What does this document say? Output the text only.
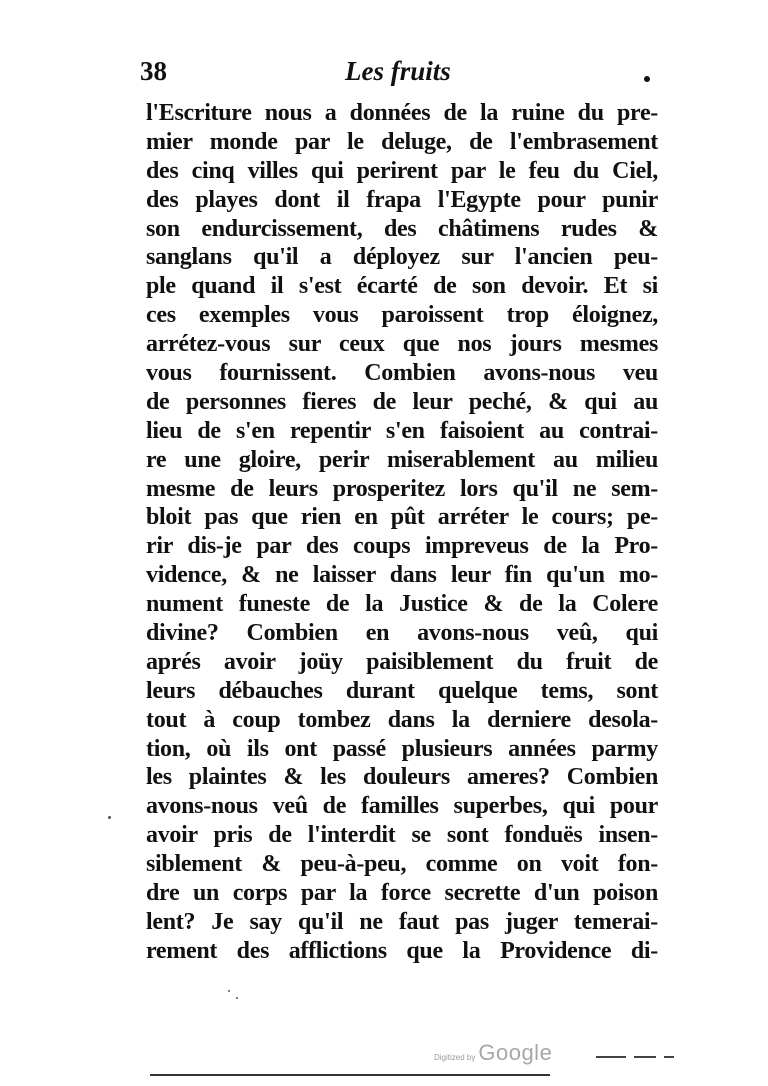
38	Les fruits
l'Escriture nous a données de la ruine du pre-
mier monde par le deluge, de l'embrasement
des cinq villes qui perirent par le feu du Ciel,
des playes dont il frapa l'Egypte pour punir
son endurcissement, des châtimens rudes &
sanglans qu'il a déployez sur l'ancien peu-
ple quand il s'est écarté de son devoir. Et si
ces exemples vous paroissent trop éloignez,
arrétez-vous sur ceux que nos jours mesmes
vous fournissent. Combien avons-nous veu
de personnes fieres de leur peché, & qui au
lieu de s'en repentir s'en faisoient au contrai-
re une gloire, perir miserablement au milieu
mesme de leurs prosperitez lors qu'il ne sem-
bloit pas que rien en pût arréter le cours; pe-
rir dis-je par des coups impreveus de la Pro-
vidence, & ne laisser dans leur fin qu'un mo-
nument funeste de la Justice & de la Colere
divine? Combien en avons-nous veû, qui
aprés avoir joüy paisiblement du fruit de
leurs débauches durant quelque tems, sont
tout à coup tombez dans la derniere desola-
tion, où ils ont passé plusieurs années parmy
les plaintes & les douleurs ameres? Combien
avons-nous veû de familles superbes, qui pour
avoir pris de l'interdit se sont fonduës insen-
siblement & peu-à-peu, comme on voit fon-
dre un corps par la force secrette d'un poison
lent? Je say qu'il ne faut pas juger temerai-
rement des afflictions que la Providence di-
Digitized by Google
